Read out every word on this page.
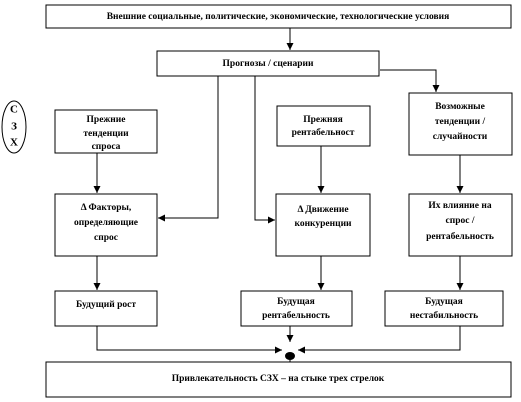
С
З
Х
Внешние социальные, политические, экономические, технологические условия
Прогнозы / сценарии
Прежние
тенденции
спроса
Прежняя
рентабельност
Возможные
тенденции /
случайности
Δ Факторы,
определяющие
спрос
Δ Движение
конкуренции
Их влияние на
спрос /
рентабельность
Будущий рост	Будущая
рентабельность
Будущая
нестабильность
Привлекательность СЗХ – на стыке трех стрелок
